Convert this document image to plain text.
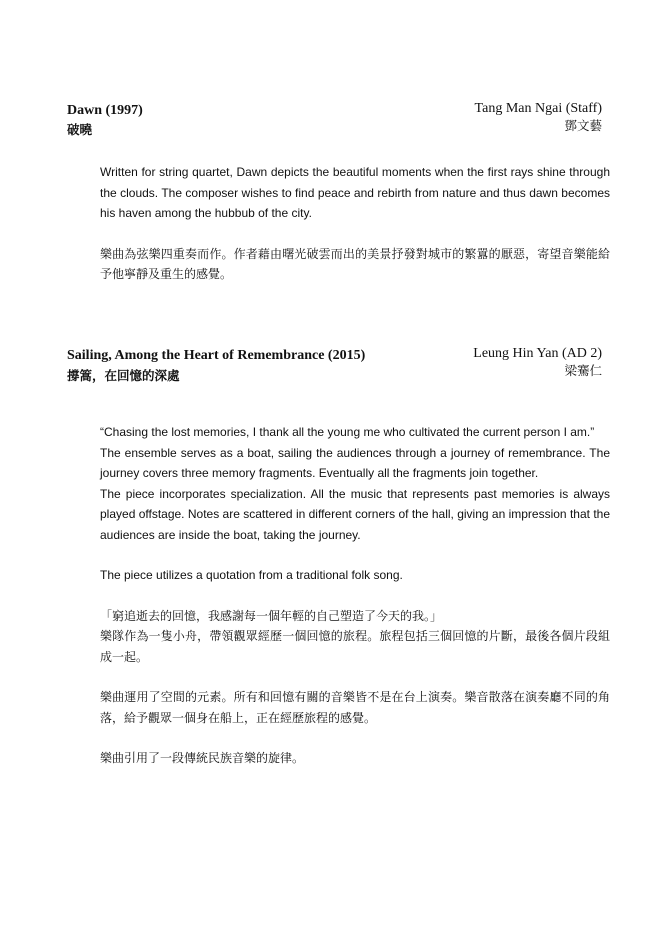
Dawn (1997)
破曉
Tang Man Ngai (Staff)
鄧文藝

Written for string quartet, Dawn depicts the beautiful moments when the first rays shine through the clouds. The composer wishes to find peace and rebirth from nature and thus dawn becomes his haven among the hubbub of the city.

樂曲為弦樂四重奏而作。作者藉由曙光破雲而出的美景抒發對城市的繁囂的厭惡，寄望音樂能給予他寧靜及重生的感覺。

Sailing, Among the Heart of Remembrance (2015)
撐篙，在回憶的深處
Leung Hin Yan (AD 2)
梁騫仁

“Chasing the lost memories, I thank all the young me who cultivated the current person I am.”

The ensemble serves as a boat, sailing the audiences through a journey of remembrance. The journey covers three memory fragments. Eventually all the fragments join together.

The piece incorporates specialization. All the music that represents past memories is always played offstage. Notes are scattered in different corners of the hall, giving an impression that the audiences are inside the boat, taking the journey.

The piece utilizes a quotation from a traditional folk song.

「窮追逝去的回憶，我感謝每一個年輕的自己塑造了今天的我。」

樂隊作為一隻小舟，帶領觀眾經歷一個回憶的旅程。旅程包括三個回憶的片斷，最後各個片段組成一起。

樂曲運用了空間的元素。所有和回憶有關的音樂皆不是在台上演奏。樂音散落在演奏廳不同的角落，給予觀眾一個身在船上，正在經歷旅程的感覺。

樂曲引用了一段傳統民族音樂的旋律。
